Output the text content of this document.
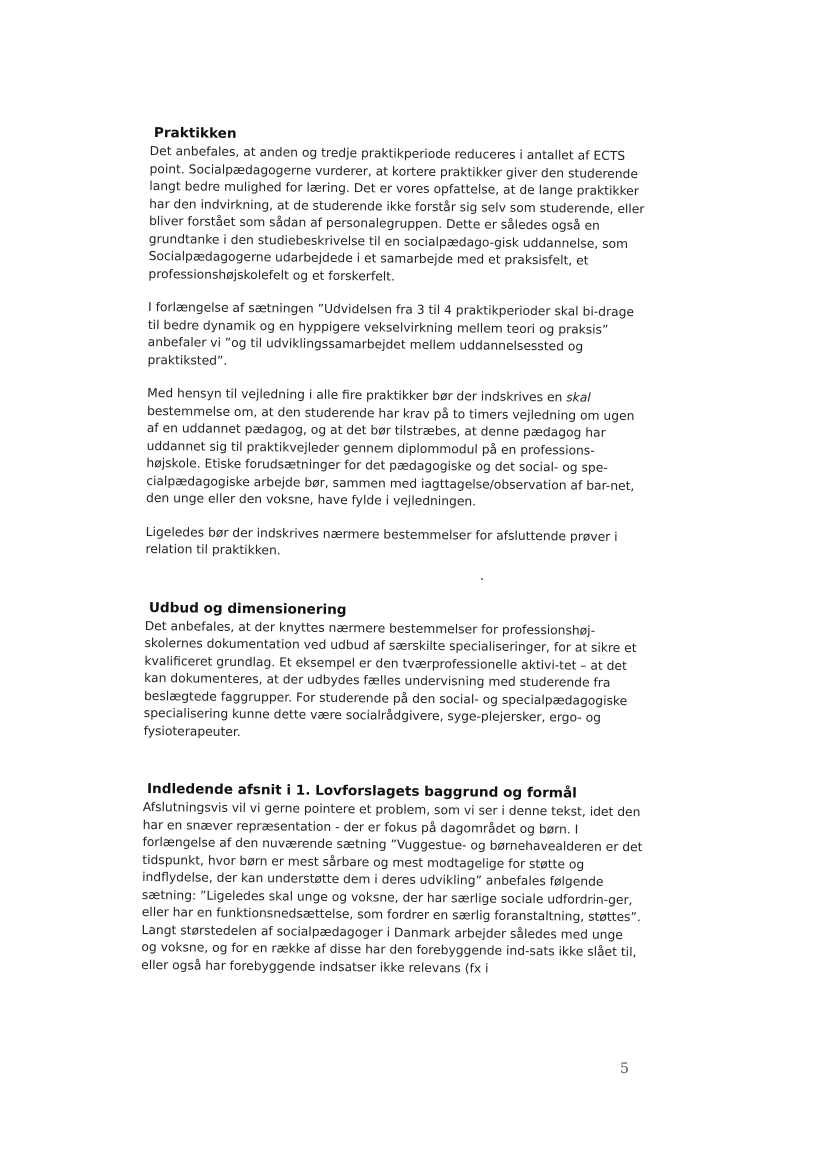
Praktikken

Det anbefales, at anden og tredje praktikperiode reduceres i antallet af ECTS point. Socialpædagogerne vurderer, at kortere praktikker giver den studerende langt bedre mulighed for læring. Det er vores opfattelse, at de lange praktikker har den indvirkning, at de studerende ikke forstår sig selv som studerende, eller bliver forstået som sådan af personalegruppen. Dette er således også en grundtanke i den studiebeskrivelse til en socialpædago-gisk uddannelse, som Socialpædagogerne udarbejdede i et samarbejde med et praksisfelt, et professionshøjskolefelt og et forskerfelt.

I forlængelse af sætningen ”Udvidelsen fra 3 til 4 praktikperioder skal bi-drage til bedre dynamik og en hyppigere vekselvirkning mellem teori og praksis” anbefaler vi ”og til udviklingssamarbejdet mellem uddannelsessted og praktiksted”.

Med hensyn til vejledning i alle fire praktikker bør der indskrives en skal bestemmelse om, at den studerende har krav på to timers vejledning om ugen af en uddannet pædagog, og at det bør tilstræbes, at denne pædagog har uddannet sig til praktikvejleder gennem diplommodul på en professions-højskole. Etiske forudsætninger for det pædagogiske og det social- og spe-cialpædagogiske arbejde bør, sammen med iagttagelse/observation af bar-net, den unge eller den voksne, have fylde i vejledningen.

Ligeledes bør der indskrives nærmere bestemmelser for afsluttende prøver i relation til praktikken.

Udbud og dimensionering

Det anbefales, at der knyttes nærmere bestemmelser for professionshøj-skolernes dokumentation ved udbud af særskilte specialiseringer, for at sikre et kvalificeret grundlag. Et eksempel er den tværprofessionelle aktivi-tet – at det kan dokumenteres, at der udbydes fælles undervisning med studerende fra beslægtede faggrupper. For studerende på den social- og specialpædagogiske specialisering kunne dette være socialrådgivere, syge-plejersker, ergo- og fysioterapeuter.

Indledende afsnit i 1. Lovforslagets baggrund og formål

Afslutningsvis vil vi gerne pointere et problem, som vi ser i denne tekst, idet den har en snæver repræsentation - der er fokus på dagområdet og børn. I forlængelse af den nuværende sætning ”Vuggestue- og børnehavealderen er det tidspunkt, hvor børn er mest sårbare og mest modtagelige for støtte og indflydelse, der kan understøtte dem i deres udvikling” anbefales følgende sætning: ”Ligeledes skal unge og voksne, der har særlige sociale udfordrin-ger, eller har en funktionsnedsættelse, som fordrer en særlig foranstaltning, støttes”. Langt størstedelen af socialpædagoger i Danmark arbejder således med unge og voksne, og for en række af disse har den forebyggende ind-sats ikke slået til, eller også har forebyggende indsatser ikke relevans (fx i

5
